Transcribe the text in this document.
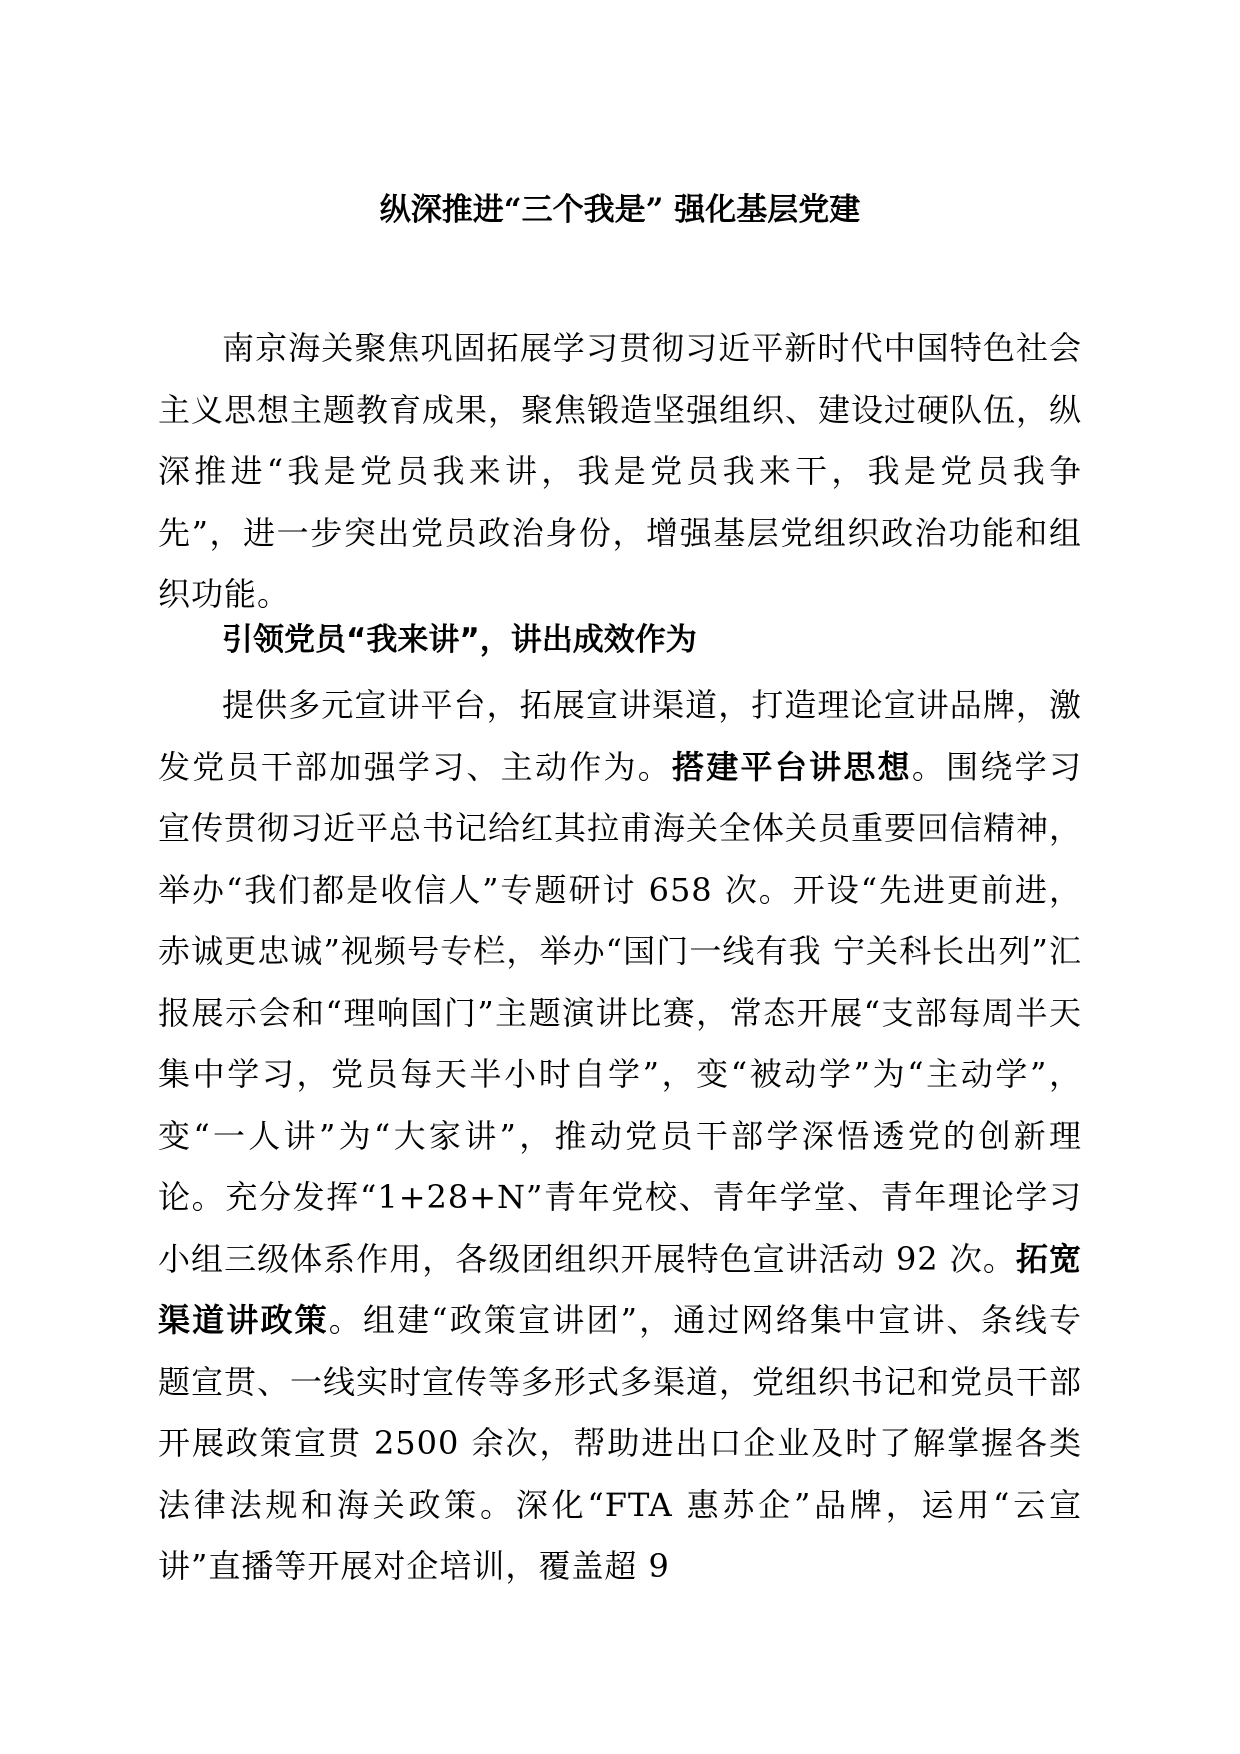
纵深推进“三个我是” 强化基层党建

南京海关聚焦巩固拓展学习贯彻习近平新时代中国特色社会主义思想主题教育成果，聚焦锻造坚强组织、建设过硬队伍，纵深推进“我是党员我来讲，我是党员我来干，我是党员我争先”，进一步突出党员政治身份，增强基层党组织政治功能和组织功能。

引领党员“我来讲”，讲出成效作为

提供多元宣讲平台，拓展宣讲渠道，打造理论宣讲品牌，激发党员干部加强学习、主动作为。搭建平台讲思想。围绕学习宣传贯彻习近平总书记给红其拉甫海关全体关员重要回信精神，举办“我们都是收信人”专题研讨 658 次。开设“先进更前进，赤诚更忠诚”视频号专栏，举办“国门一线有我 宁关科长出列”汇报展示会和“理响国门”主题演讲比赛，常态开展“支部每周半天集中学习，党员每天半小时自学”，变“被动学”为“主动学”，变“一人讲”为“大家讲”，推动党员干部学深悟透党的创新理论。充分发挥“1+28+N”青年党校、青年学堂、青年理论学习小组三级体系作用，各级团组织开展特色宣讲活动 92 次。拓宽渠道讲政策。组建“政策宣讲团”，通过网络集中宣讲、条线专题宣贯、一线实时宣传等多形式多渠道，党组织书记和党员干部开展政策宣贯 2500 余次，帮助进出口企业及时了解掌握各类法律法规和海关政策。深化“FTA 惠苏企”品牌，运用“云宣讲”直播等开展对企培训，覆盖超 9
